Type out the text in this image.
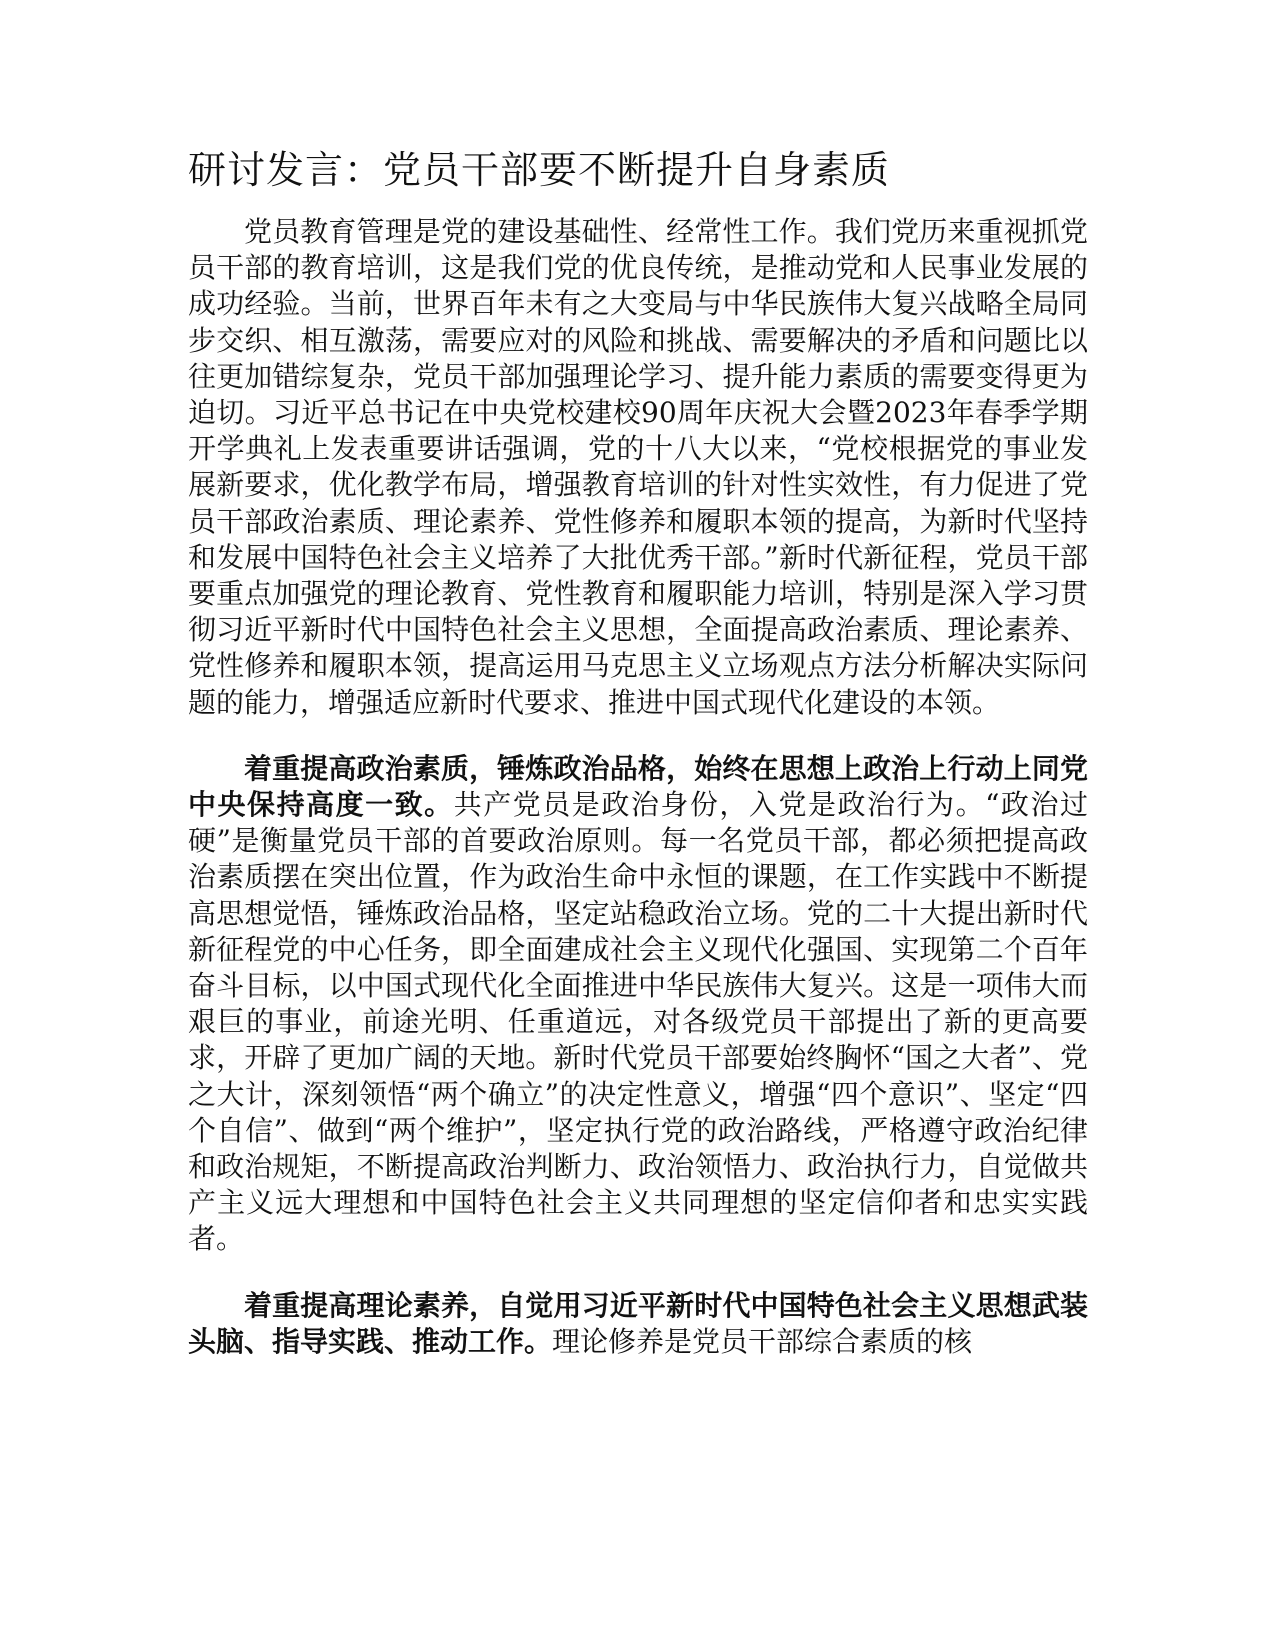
研讨发言：党员干部要不断提升自身素质

党员教育管理是党的建设基础性、经常性工作。我们党历来重视抓党员干部的教育培训，这是我们党的优良传统，是推动党和人民事业发展的成功经验。当前，世界百年未有之大变局与中华民族伟大复兴战略全局同步交织、相互激荡，需要应对的风险和挑战、需要解决的矛盾和问题比以往更加错综复杂，党员干部加强理论学习、提升能力素质的需要变得更为迫切。习近平总书记在中央党校建校90周年庆祝大会暨2023年春季学期开学典礼上发表重要讲话强调，党的十八大以来，“党校根据党的事业发展新要求，优化教学布局，增强教育培训的针对性实效性，有力促进了党员干部政治素质、理论素养、党性修养和履职本领的提高，为新时代坚持和发展中国特色社会主义培养了大批优秀干部。”新时代新征程，党员干部要重点加强党的理论教育、党性教育和履职能力培训，特别是深入学习贯彻习近平新时代中国特色社会主义思想，全面提高政治素质、理论素养、党性修养和履职本领，提高运用马克思主义立场观点方法分析解决实际问题的能力，增强适应新时代要求、推进中国式现代化建设的本领。

着重提高政治素质，锤炼政治品格，始终在思想上政治上行动上同党中央保持高度一致。共产党员是政治身份，入党是政治行为。“政治过硬”是衡量党员干部的首要政治原则。每一名党员干部，都必须把提高政治素质摆在突出位置，作为政治生命中永恒的课题，在工作实践中不断提高思想觉悟，锤炼政治品格，坚定站稳政治立场。党的二十大提出新时代新征程党的中心任务，即全面建成社会主义现代化强国、实现第二个百年奋斗目标，以中国式现代化全面推进中华民族伟大复兴。这是一项伟大而艰巨的事业，前途光明、任重道远，对各级党员干部提出了新的更高要求，开辟了更加广阔的天地。新时代党员干部要始终胸怀“国之大者”、党之大计，深刻领悟“两个确立”的决定性意义，增强“四个意识”、坚定“四个自信”、做到“两个维护”，坚定执行党的政治路线，严格遵守政治纪律和政治规矩，不断提高政治判断力、政治领悟力、政治执行力，自觉做共产主义远大理想和中国特色社会主义共同理想的坚定信仰者和忠实实践者。

着重提高理论素养，自觉用习近平新时代中国特色社会主义思想武装头脑、指导实践、推动工作。理论修养是党员干部综合素质的核
